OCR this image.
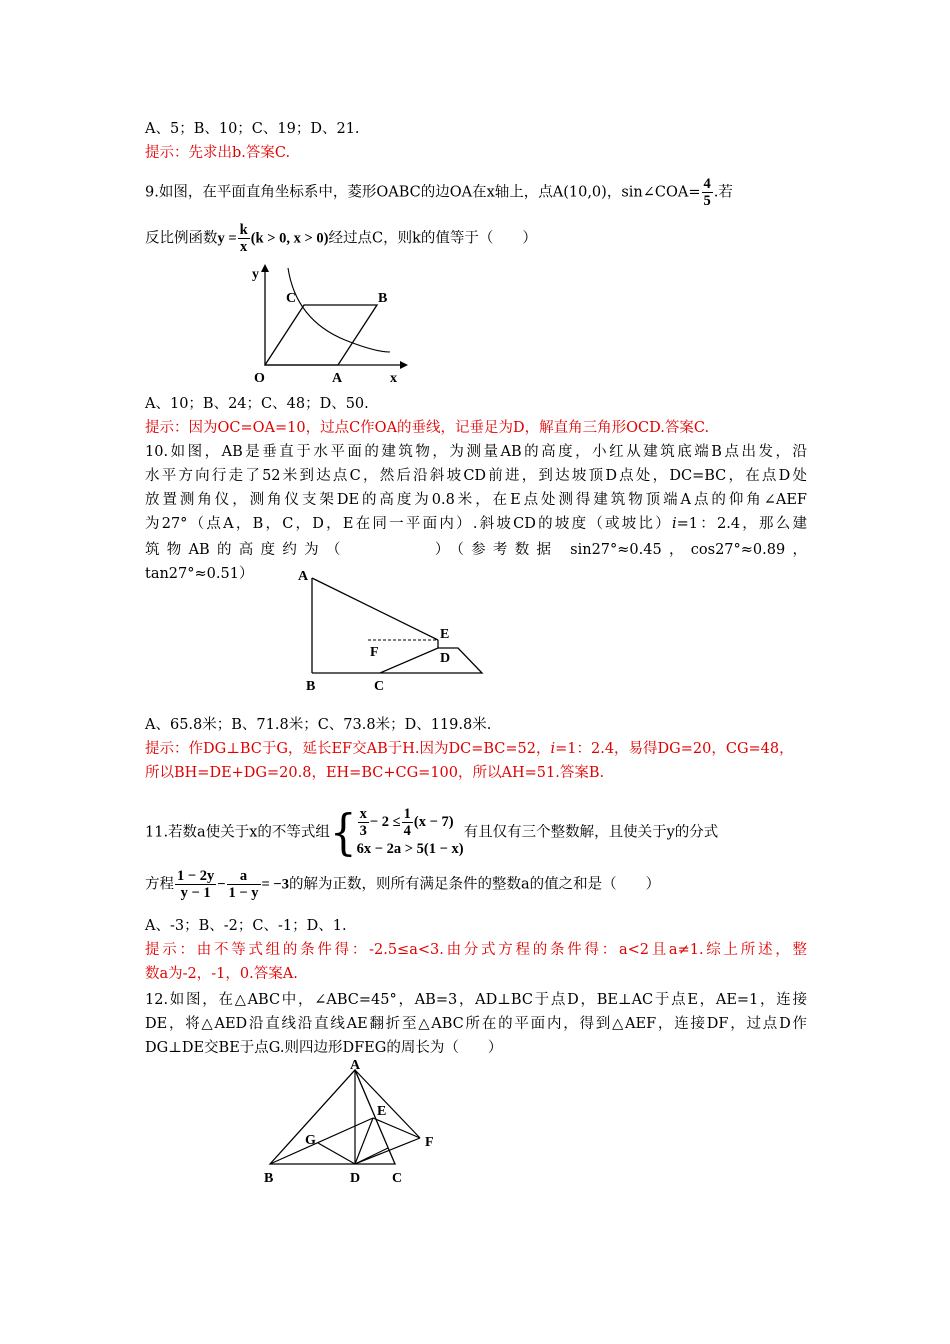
A、5；B、10；C、19；D、21.
提示：先求出b.答案C.
9.如图，在平面直角坐标系中，菱形OABC的边OA在x轴上，点A(10,0)，sin∠COA= $\frac{4}{5}$ .若
反比例函数$y = \frac{k}{x} (k > 0$, x > 0)经过点C，则k的值等于（　　）
y
O	A	x
C	B
A、10；B、24；C、48；D、50.
提示：因为OC=OA=10，过点C作OA的垂线，记垂足为D，解直角三角形OCD.答案C.
10.如图，AB是垂直于水平面的建筑物，为测量AB的高度，小红从建筑底端B点出发，沿
水平方向行走了52米到达点C，然后沿斜坡CD前进，到达坡顶D点处，DC=BC，在点D处
放置测角仪，测角仪支架DE的高度为0.8米，在E点处测得建筑物顶端A点的仰角∠AEF
为27°（点A，B，C，D，E在同一平面内）.斜坡CD的坡度（或坡比）i=1：2.4，那么建
筑物AB的高度约为（　　　　）（参考数据 sin27°≈0.45，cos27°≈0.89，
tan27°≈0.51）	A
E
F	D
B	C
A、65.8米；B、71.8米；C、73.8米；D、119.8米.
提示：作DG⊥BC于G，延长EF交AB于H.因为DC=BC=52，i=1：2.4，易得DG=20，CG=48，
所以BH=DE+DG=20.8，EH=BC+CG=100，所以AH=51.答案B.
11.若数a使关于x的不等式组{ $\frac{x}{3} - 2 \le \frac{1}{4} (x - 7)$
6x − 2a > 5(1 − x)
有且仅有三个整数解，且使关于y的分式
方程 $\frac{1 - 2y}{y - 1} - \frac{a}{1 - y} = -3$的解为正数，则所有满足条件的整数a的值之和是（　　）
A、-3；B、-2；C、-1；D、1.
提示：由不等式组的条件得：-2.5≤a<3.由分式方程的条件得：a<2且a≠1.综上所述，整
数a为-2，-1，0.答案A.
12.如图，在△ABC中，∠ABC=45°，AB=3，AD⊥BC于点D，BE⊥AC于点E，AE=1，连接
DE，将△AED沿直线沿直线AE翻折至△ABC所在的平面内，得到△AEF，连接DF，过点D作
DG⊥DE交BE于点G.则四边形DFEG的周长为（　　）
A
E
G	F
B	D C
